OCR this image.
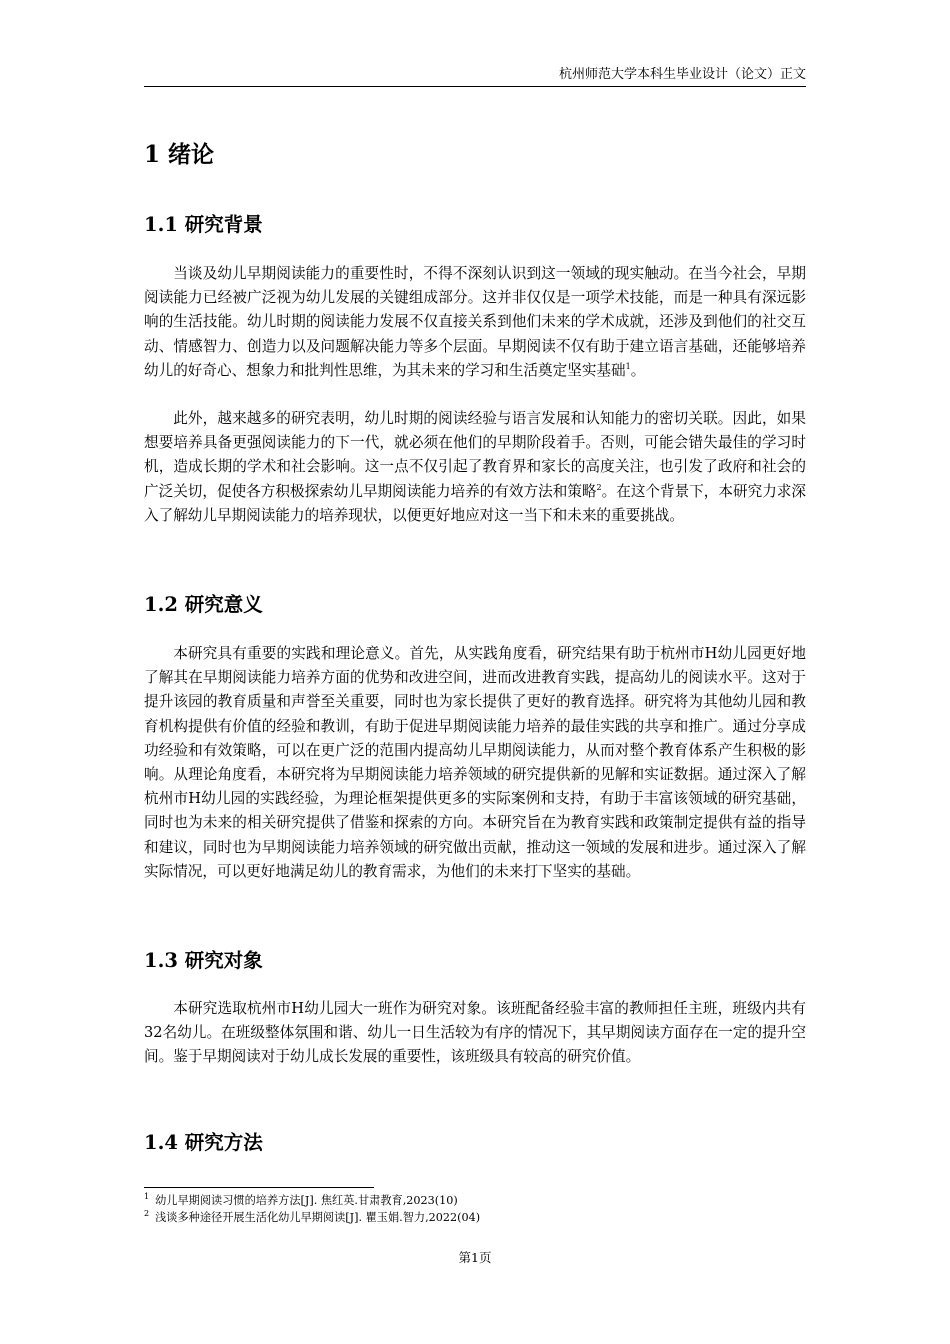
杭州师范大学本科生毕业设计（论文）正文
1 绪论
1.1 研究背景

当谈及幼儿早期阅读能力的重要性时，不得不深刻认识到这一领域的现实触动。在当今社会，早期阅读能力已经被广泛视为幼儿发展的关键组成部分。这并非仅仅是一项学术技能，而是一种具有深远影响的生活技能。幼儿时期的阅读能力发展不仅直接关系到他们未来的学术成就，还涉及到他们的社交互动、情感智力、创造力以及问题解决能力等多个层面。早期阅读不仅有助于建立语言基础，还能够培养幼儿的好奇心、想象力和批判性思维，为其未来的学习和生活奠定坚实基础$^1$。

此外，越来越多的研究表明，幼儿时期的阅读经验与语言发展和认知能力的密切关联。因此，如果想要培养具备更强阅读能力的下一代，就必须在他们的早期阶段着手。否则，可能会错失最佳的学习时机，造成长期的学术和社会影响。这一点不仅引起了教育界和家长的高度关注，也引发了政府和社会的广泛关切，促使各方积极探索幼儿早期阅读能力培养的有效方法和策略$^2$。在这个背景下，本研究力求深入了解幼儿早期阅读能力的培养现状，以便更好地应对这一当下和未来的重要挑战。

1.2 研究意义

本研究具有重要的实践和理论意义。首先，从实践角度看，研究结果有助于杭州市H幼儿园更好地了解其在早期阅读能力培养方面的优势和改进空间，进而改进教育实践，提高幼儿的阅读水平。这对于提升该园的教育质量和声誉至关重要，同时也为家长提供了更好的教育选择。研究将为其他幼儿园和教育机构提供有价值的经验和教训，有助于促进早期阅读能力培养的最佳实践的共享和推广。通过分享成功经验和有效策略，可以在更广泛的范围内提高幼儿早期阅读能力，从而对整个教育体系产生积极的影响。从理论角度看，本研究将为早期阅读能力培养领域的研究提供新的见解和实证数据。通过深入了解杭州市H幼儿园的实践经验，为理论框架提供更多的实际案例和支持，有助于丰富该领域的研究基础，同时也为未来的相关研究提供了借鉴和探索的方向。本研究旨在为教育实践和政策制定提供有益的指导和建议，同时也为早期阅读能力培养领域的研究做出贡献，推动这一领域的发展和进步。通过深入了解实际情况，可以更好地满足幼儿的教育需求，为他们的未来打下坚实的基础。

1.3 研究对象

本研究选取杭州市H幼儿园大一班作为研究对象。该班配备经验丰富的教师担任主班，班级内共有32名幼儿。在班级整体氛围和谐、幼儿一日生活较为有序的情况下，其早期阅读方面存在一定的提升空间。鉴于早期阅读对于幼儿成长发展的重要性，该班级具有较高的研究价值。

1.4 研究方法
$^1$ 幼儿早期阅读习惯的培养方法[J]. 焦红英.甘肃教育,2023(10)
$^2$ 浅谈多种途径开展生活化幼儿早期阅读[J]. 瞿玉娟.智力,2022(04)
第1页
